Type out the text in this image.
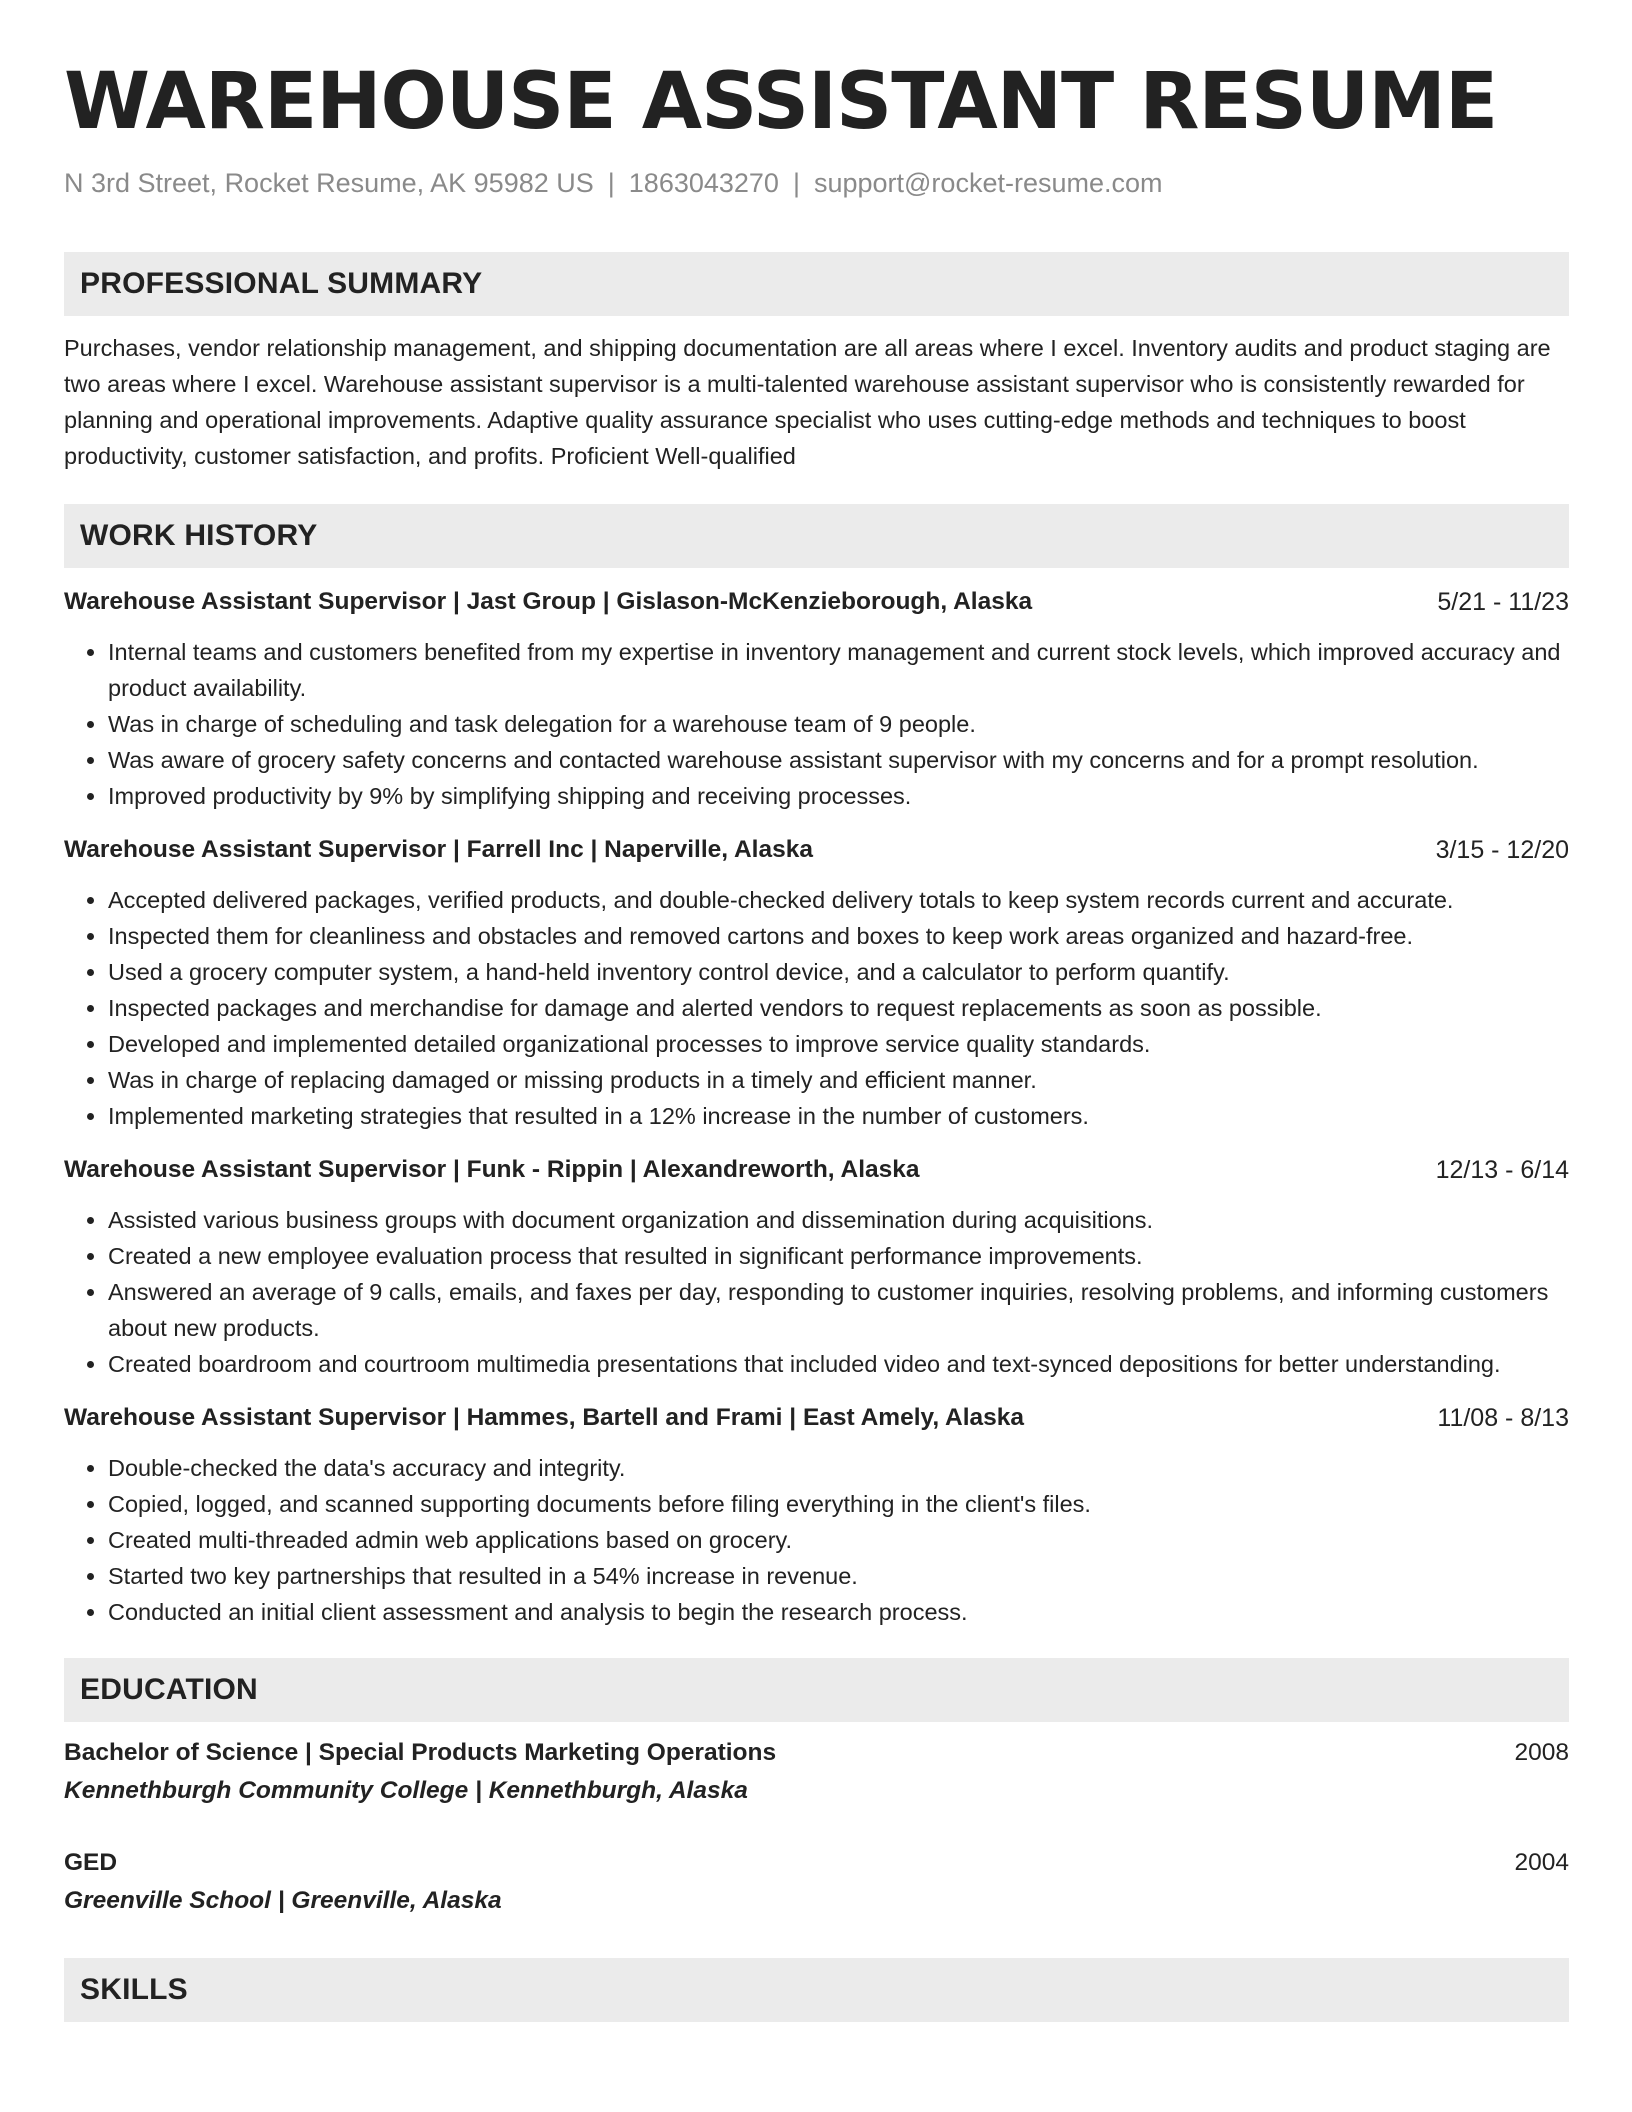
WAREHOUSE ASSISTANT RESUME
N 3rd Street, Rocket Resume, AK 95982 US | 1863043270 | support@rocket-resume.com
PROFESSIONAL SUMMARY

Purchases, vendor relationship management, and shipping documentation are all areas where I excel. Inventory audits and product staging are two areas where I excel. Warehouse assistant supervisor is a multi-talented warehouse assistant supervisor who is consistently rewarded for planning and operational improvements. Adaptive quality assurance specialist who uses cutting-edge methods and techniques to boost productivity, customer satisfaction, and profits. Proficient Well-qualified

WORK HISTORY
Warehouse Assistant Supervisor | Jast Group | Gislason-McKenzieborough, Alaska	5/21 - 11/23
• Internal teams and customers benefited from my expertise in inventory management and current stock levels, which improved accuracy and product availability.
• Was in charge of scheduling and task delegation for a warehouse team of 9 people.
• Was aware of grocery safety concerns and contacted warehouse assistant supervisor with my concerns and for a prompt resolution.
• Improved productivity by 9% by simplifying shipping and receiving processes.
Warehouse Assistant Supervisor | Farrell Inc | Naperville, Alaska	3/15 - 12/20
• Accepted delivered packages, verified products, and double-checked delivery totals to keep system records current and accurate.
• Inspected them for cleanliness and obstacles and removed cartons and boxes to keep work areas organized and hazard-free.
• Used a grocery computer system, a hand-held inventory control device, and a calculator to perform quantify.
• Inspected packages and merchandise for damage and alerted vendors to request replacements as soon as possible.
• Developed and implemented detailed organizational processes to improve service quality standards.
• Was in charge of replacing damaged or missing products in a timely and efficient manner.
• Implemented marketing strategies that resulted in a 12% increase in the number of customers.
Warehouse Assistant Supervisor | Funk - Rippin | Alexandreworth, Alaska	12/13 - 6/14
• Assisted various business groups with document organization and dissemination during acquisitions.
• Created a new employee evaluation process that resulted in significant performance improvements.
• Answered an average of 9 calls, emails, and faxes per day, responding to customer inquiries, resolving problems, and informing customers about new products.
• Created boardroom and courtroom multimedia presentations that included video and text-synced depositions for better understanding.
Warehouse Assistant Supervisor | Hammes, Bartell and Frami | East Amely, Alaska	11/08 - 8/13
• Double-checked the data's accuracy and integrity.
• Copied, logged, and scanned supporting documents before filing everything in the client's files.
• Created multi-threaded admin web applications based on grocery.
• Started two key partnerships that resulted in a 54% increase in revenue.
• Conducted an initial client assessment and analysis to begin the research process.
EDUCATION
Bachelor of Science | Special Products Marketing Operations	2008
Kennethburgh Community College | Kennethburgh, Alaska
GED	2004
Greenville School | Greenville, Alaska
SKILLS
